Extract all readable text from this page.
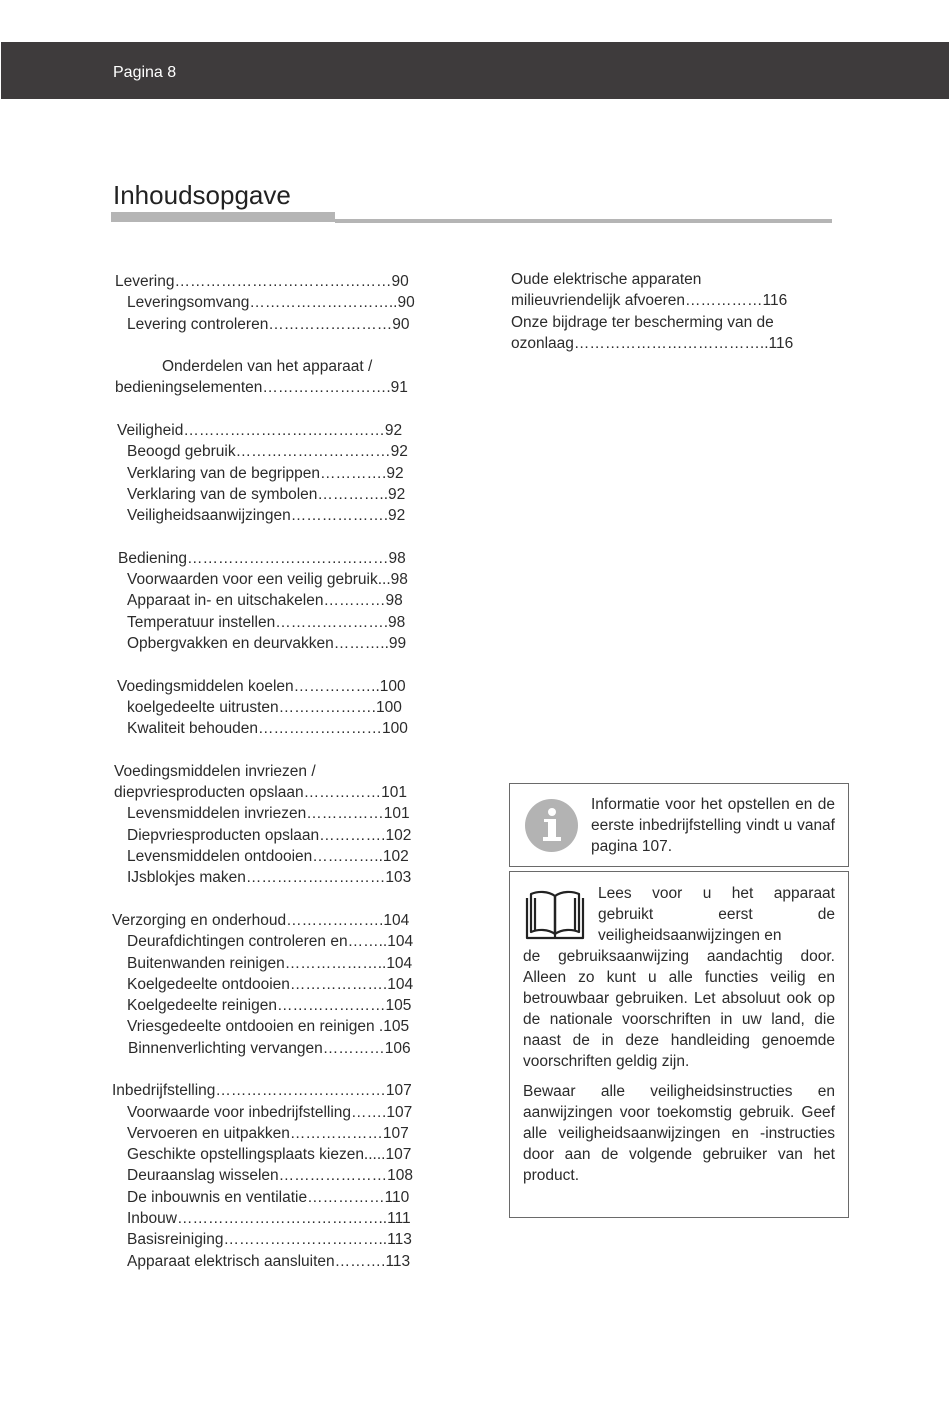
Pagina 8
Inhoudsopgave
Levering……………………………………90
Leveringsomvang………………………..90
Levering controleren……………………90
Onderdelen van het apparaat /
bedieningselementen…………………….91
Veiligheid…………………………………92
Beoogd gebruik…………………………92
Verklaring van de begrippen………….92
Verklaring van de symbolen…………..92
Veiligheidsaanwijzingen……………….92
Bediening…………………………………98
Voorwaarden voor een veilig gebruik...98
Apparaat in- en uitschakelen…………98
Temperatuur instellen………………….98
Opbergvakken en deurvakken………..99
Voedingsmiddelen koelen……………..100
koelgedeelte uitrusten……………….100
Kwaliteit behouden……………………100
Voedingsmiddelen invriezen /
diepvriesproducten opslaan……………101
Levensmiddelen invriezen……………101
Diepvriesproducten opslaan………….102
Levensmiddelen ontdooien…………..102
IJsblokjes maken………………………103
Verzorging en onderhoud……………….104
Deurafdichtingen controleren en……..104
Buitenwanden reinigen………………..104
Koelgedeelte ontdooien……………….104
Koelgedeelte reinigen…………………105
Vriesgedeelte ontdooien en reinigen .105
Binnenverlichting vervangen…………106
Inbedrijfstelling……………………………107
Voorwaarde voor inbedrijfstelling…….107
Vervoeren en uitpakken………………107
Geschikte opstellingsplaats kiezen.....107
Deuraanslag wisselen…………………108
De inbouwnis en ventilatie……………110
Inbouw…………………………………..111
Basisreiniging…………………………..113
Apparaat elektrisch aansluiten……….113
Oude elektrische apparaten
milieuvriendelijk afvoeren……………116
Onze bijdrage ter bescherming van de
ozonlaag………………………………..116
Informatie voor het opstellen en de eerste inbedrijfstelling vindt u vanaf pagina 107.
Lees voor u het apparaat
gebruikt eerst de
veiligheidsaanwijzingen en

de gebruiksaanwijzing aandachtig door. Alleen zo kunt u alle functies veilig en betrouwbaar gebruiken. Let absoluut ook op de nationale voorschriften in uw land, die naast de in deze handleiding genoemde voorschriften geldig zijn.

Bewaar alle veiligheidsinstructies en aanwijzingen voor toekomstig gebruik. Geef alle veiligheidsaanwijzingen en -instructies door aan de volgende gebruiker van het product.
